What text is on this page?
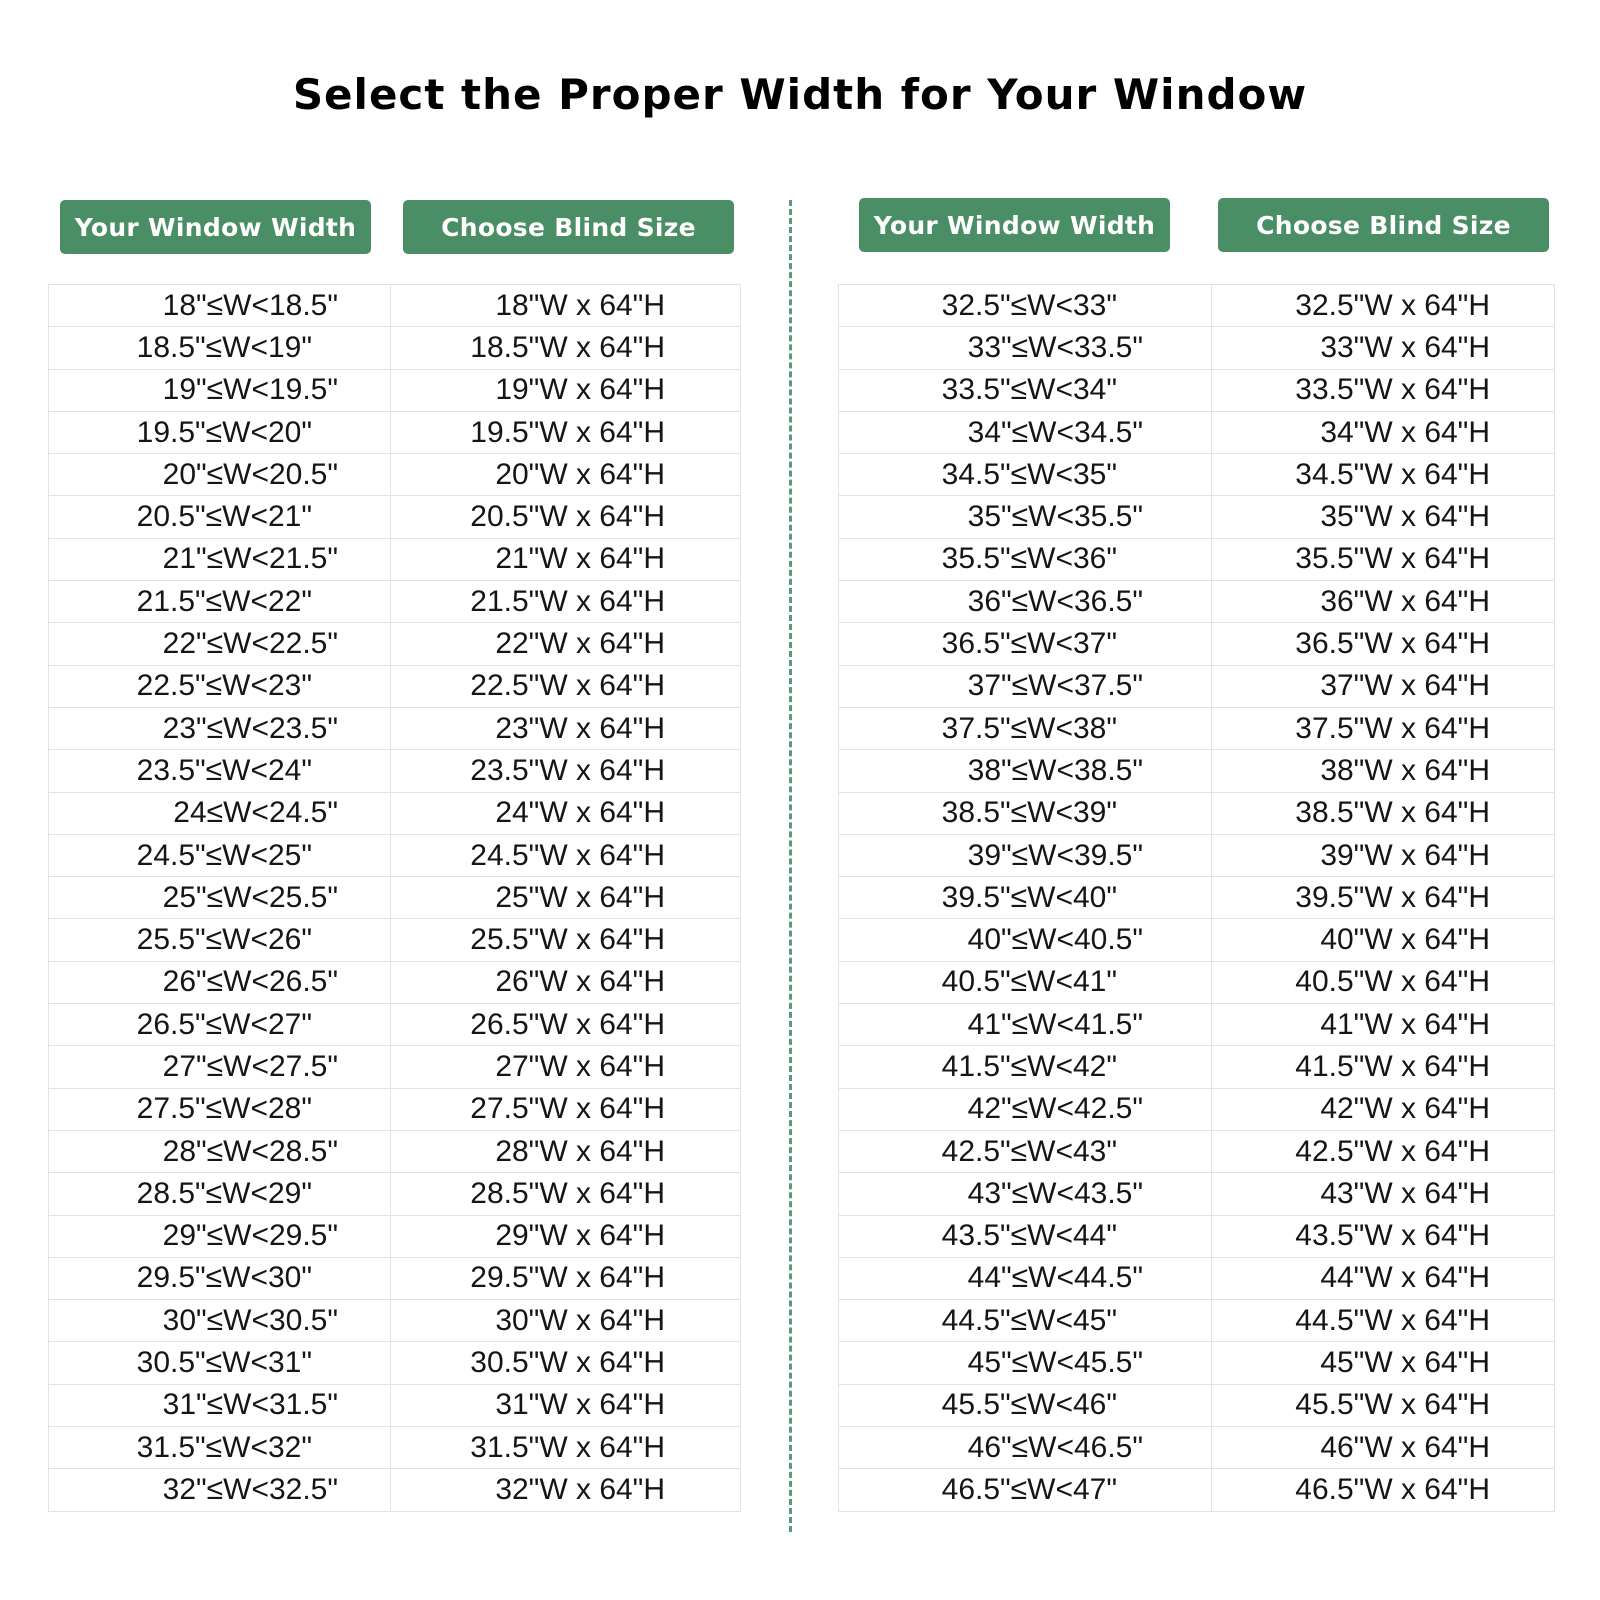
Select the Proper Width for Your Window
Your Window Width	Choose Blind Size	Your Window Width	Choose Blind Size
18"≤W<18.5"	18"W x 64"H
18.5"≤W<19"	18.5"W x 64"H
19"≤W<19.5"	19"W x 64"H
19.5"≤W<20"	19.5"W x 64"H
20"≤W<20.5"	20"W x 64"H
20.5"≤W<21"	20.5"W x 64"H
21"≤W<21.5"	21"W x 64"H
21.5"≤W<22"	21.5"W x 64"H
22"≤W<22.5"	22"W x 64"H
22.5"≤W<23"	22.5"W x 64"H
23"≤W<23.5"	23"W x 64"H
23.5"≤W<24"	23.5"W x 64"H
24≤W<24.5"	24"W x 64"H
24.5"≤W<25"	24.5"W x 64"H
25"≤W<25.5"	25"W x 64"H
25.5"≤W<26"	25.5"W x 64"H
26"≤W<26.5"	26"W x 64"H
26.5"≤W<27"	26.5"W x 64"H
27"≤W<27.5"	27"W x 64"H
27.5"≤W<28"	27.5"W x 64"H
28"≤W<28.5"	28"W x 64"H
28.5"≤W<29"	28.5"W x 64"H
29"≤W<29.5"	29"W x 64"H
29.5"≤W<30"	29.5"W x 64"H
30"≤W<30.5"	30"W x 64"H
30.5"≤W<31"	30.5"W x 64"H
31"≤W<31.5"	31"W x 64"H
31.5"≤W<32"	31.5"W x 64"H
32"≤W<32.5"	32"W x 64"H
32.5"≤W<33"	32.5"W x 64"H
33"≤W<33.5"	33"W x 64"H
33.5"≤W<34"	33.5"W x 64"H
34"≤W<34.5"	34"W x 64"H
34.5"≤W<35"	34.5"W x 64"H
35"≤W<35.5"	35"W x 64"H
35.5"≤W<36"	35.5"W x 64"H
36"≤W<36.5"	36"W x 64"H
36.5"≤W<37"	36.5"W x 64"H
37"≤W<37.5"	37"W x 64"H
37.5"≤W<38"	37.5"W x 64"H
38"≤W<38.5"	38"W x 64"H
38.5"≤W<39"	38.5"W x 64"H
39"≤W<39.5"	39"W x 64"H
39.5"≤W<40"	39.5"W x 64"H
40"≤W<40.5"	40"W x 64"H
40.5"≤W<41"	40.5"W x 64"H
41"≤W<41.5"	41"W x 64"H
41.5"≤W<42"	41.5"W x 64"H
42"≤W<42.5"	42"W x 64"H
42.5"≤W<43"	42.5"W x 64"H
43"≤W<43.5"	43"W x 64"H
43.5"≤W<44"	43.5"W x 64"H
44"≤W<44.5"	44"W x 64"H
44.5"≤W<45"	44.5"W x 64"H
45"≤W<45.5"	45"W x 64"H
45.5"≤W<46"	45.5"W x 64"H
46"≤W<46.5"	46"W x 64"H
46.5"≤W<47"	46.5"W x 64"H
